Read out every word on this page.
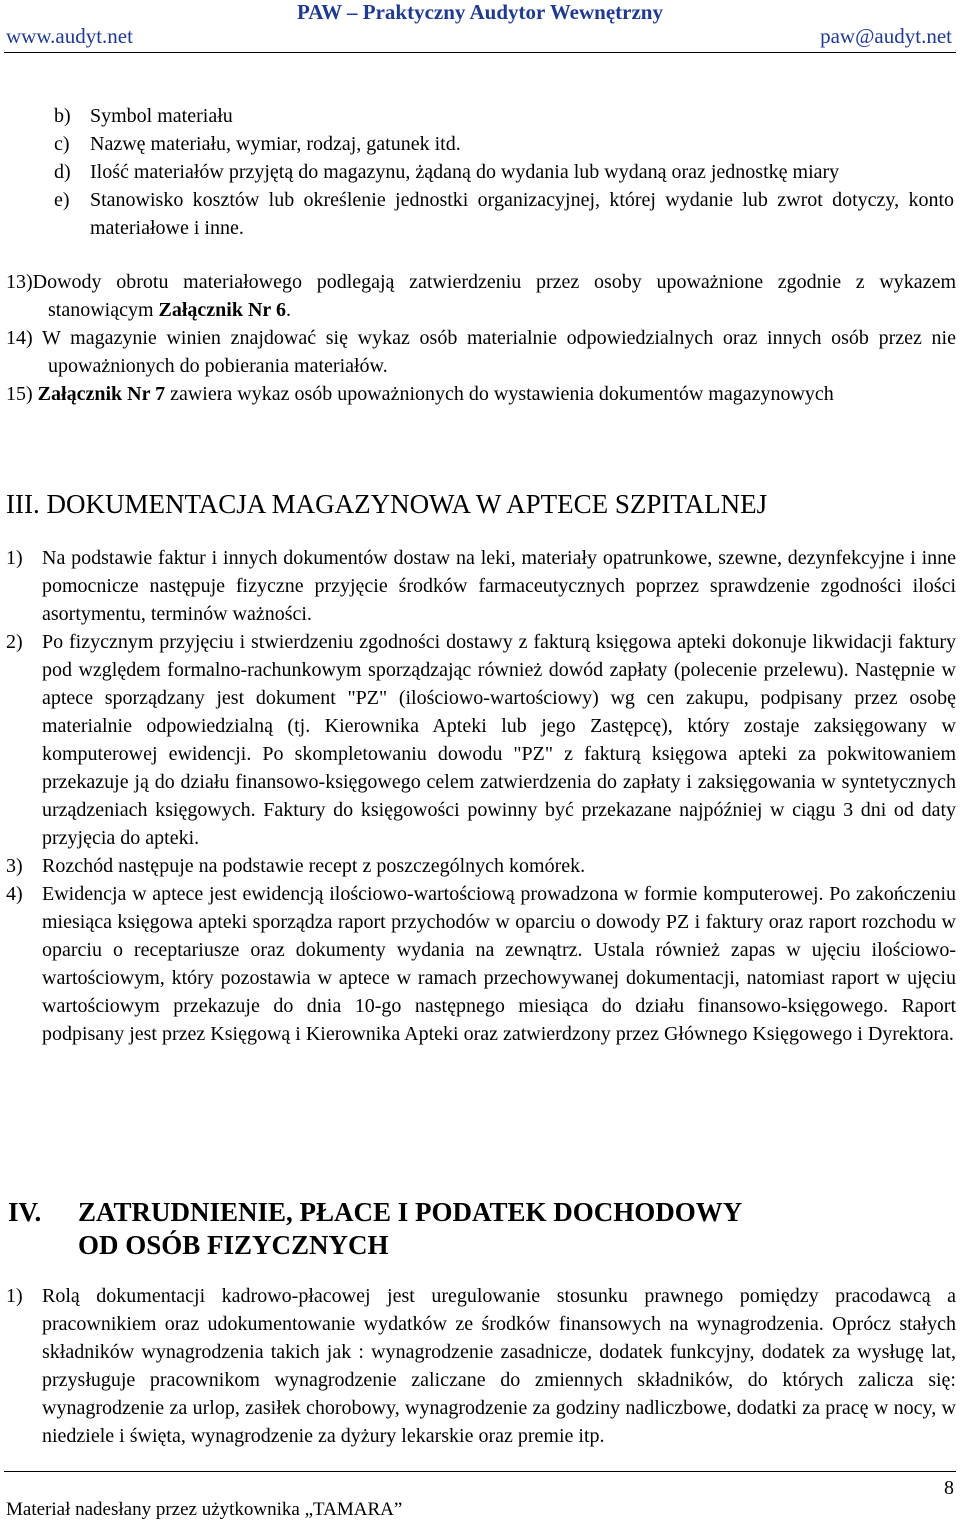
PAW – Praktyczny Audytor Wewnętrzny
www.audyt.net	paw@audyt.net
b) Symbol materiału
c) Nazwę materiału, wymiar, rodzaj, gatunek itd.
d) Ilość materiałów przyjętą do magazynu, żądaną do wydania lub wydaną oraz jednostkę miary
e) Stanowisko kosztów lub określenie jednostki organizacyjnej, której wydanie lub zwrot dotyczy, konto materiałowe i inne.
13)Dowody obrotu materiałowego podlegają zatwierdzeniu przez osoby upoważnione zgodnie z wykazem stanowiącym Załącznik Nr 6.
14) W magazynie winien znajdować się wykaz osób materialnie odpowiedzialnych oraz innych osób przez nie upoważnionych do pobierania materiałów.
15) Załącznik Nr 7 zawiera wykaz osób upoważnionych do wystawienia dokumentów magazynowych
III. DOKUMENTACJA MAGAZYNOWA W APTECE SZPITALNEJ
1) Na podstawie faktur i innych dokumentów dostaw na leki, materiały opatrunkowe, szewne, dezynfekcyjne i inne pomocnicze następuje fizyczne przyjęcie środków farmaceutycznych poprzez sprawdzenie zgodności ilości asortymentu, terminów ważności.
2) Po fizycznym przyjęciu i stwierdzeniu zgodności dostawy z fakturą księgowa apteki dokonuje likwidacji faktury pod względem formalno-rachunkowym sporządzając również dowód zapłaty (polecenie przelewu). Następnie w aptece sporządzany jest dokument "PZ" (ilościowo-wartościowy) wg cen zakupu, podpisany przez osobę materialnie odpowiedzialną (tj. Kierownika Apteki lub jego Zastępcę), który zostaje zaksięgowany w komputerowej ewidencji. Po skompletowaniu dowodu "PZ" z fakturą księgowa apteki za pokwitowaniem przekazuje ją do działu finansowo-księgowego celem zatwierdzenia do zapłaty i zaksięgowania w syntetycznych urządzeniach księgowych. Faktury do księgowości powinny być przekazane najpóźniej w ciągu 3 dni od daty przyjęcia do apteki.
3) Rozchód następuje na podstawie recept z poszczególnych komórek.
4) Ewidencja w aptece jest ewidencją ilościowo-wartościową prowadzona w formie komputerowej. Po zakończeniu miesiąca księgowa apteki sporządza raport przychodów w oparciu o dowody PZ i faktury oraz raport rozchodu w oparciu o receptariusze oraz dokumenty wydania na zewnątrz. Ustala również zapas w ujęciu ilościowo-wartościowym, który pozostawia w aptece w ramach przechowywanej dokumentacji, natomiast raport w ujęciu wartościowym przekazuje do dnia 10-go następnego miesiąca do działu finansowo-księgowego. Raport podpisany jest przez Księgową i Kierownika Apteki oraz zatwierdzony przez Głównego Księgowego i Dyrektora.
IV. ZATRUDNIENIE, PŁACE I PODATEK DOCHODOWY
OD OSÓB FIZYCZNYCH
1) Rolą dokumentacji kadrowo-płacowej jest uregulowanie stosunku prawnego pomiędzy pracodawcą a pracownikiem oraz udokumentowanie wydatków ze środków finansowych na wynagrodzenia. Oprócz stałych składników wynagrodzenia takich jak : wynagrodzenie zasadnicze, dodatek funkcyjny, dodatek za wysługę lat, przysługuje pracownikom wynagrodzenie zaliczane do zmiennych składników, do których zalicza się: wynagrodzenie za urlop, zasiłek chorobowy, wynagrodzenie za godziny nadliczbowe, dodatki za pracę w nocy, w niedziele i święta, wynagrodzenie za dyżury lekarskie oraz premie itp.
8
Materiał nadesłany przez użytkownika „TAMARA”
